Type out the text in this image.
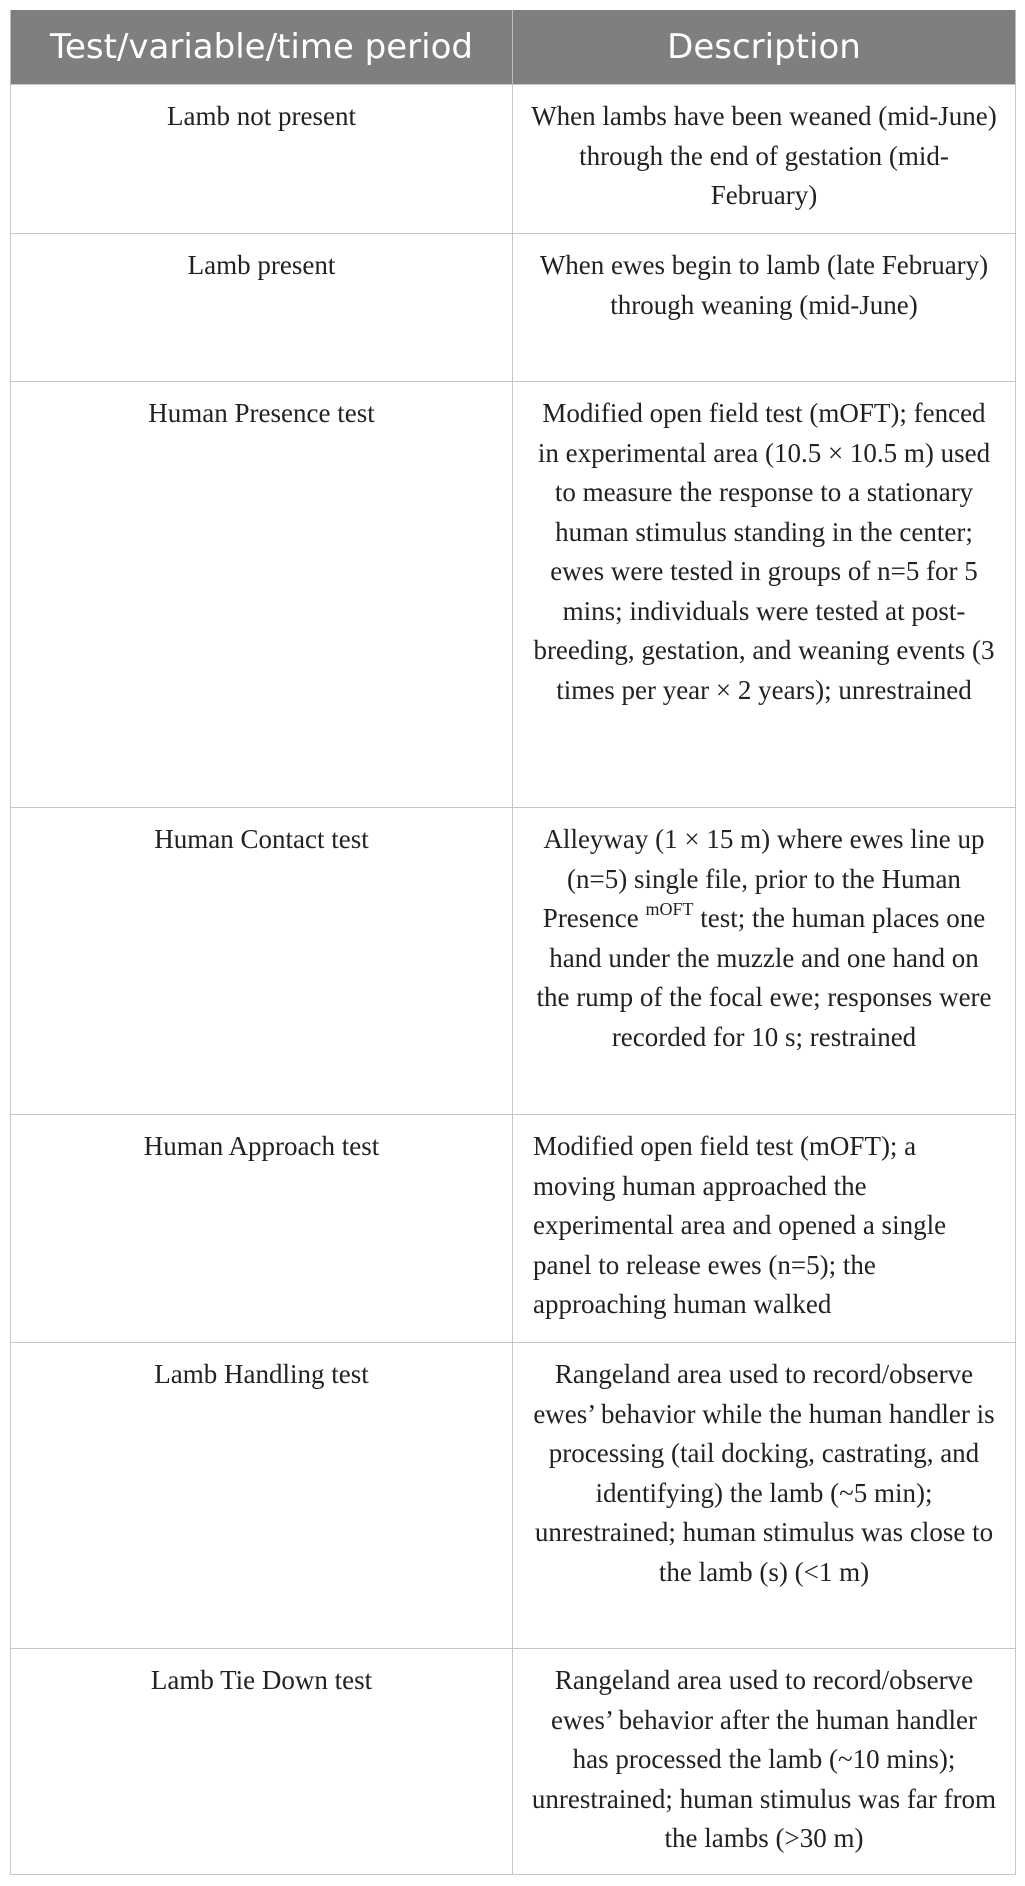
Test/variable/time period	Description
Lamb not present	When lambs have been weaned (mid-June) through the end of gestation (mid-February)
Lamb present	When ewes begin to lamb (late February) through weaning (mid-June)
Human Presence test	Modified open field test (mOFT); fenced in experimental area (10.5 × 10.5 m) used to measure the response to a stationary human stimulus standing in the center; ewes were tested in groups of n=5 for 5 mins; individuals were tested at post-breeding, gestation, and weaning events (3 times per year × 2 years); unrestrained
Human Contact test	Alleyway (1 × 15 m) where ewes line up (n=5) single file, prior to the Human Presence $^{mOFT}$ test; the human places one hand under the muzzle and one hand on the rump of the focal ewe; responses were recorded for 10 s; restrained
Human Approach test	Modified open field test (mOFT); a moving human approached the experimental area and opened a single panel to release ewes (n=5); the approaching human walked
Lamb Handling test	Rangeland area used to record/observe ewes’ behavior while the human handler is processing (tail docking, castrating, and identifying) the lamb (~5 min); unrestrained; human stimulus was close to the lamb (s) (<1 m)
Lamb Tie Down test	Rangeland area used to record/observe ewes’ behavior after the human handler has processed the lamb (~10 mins); unrestrained; human stimulus was far from the lambs (>30 m)
